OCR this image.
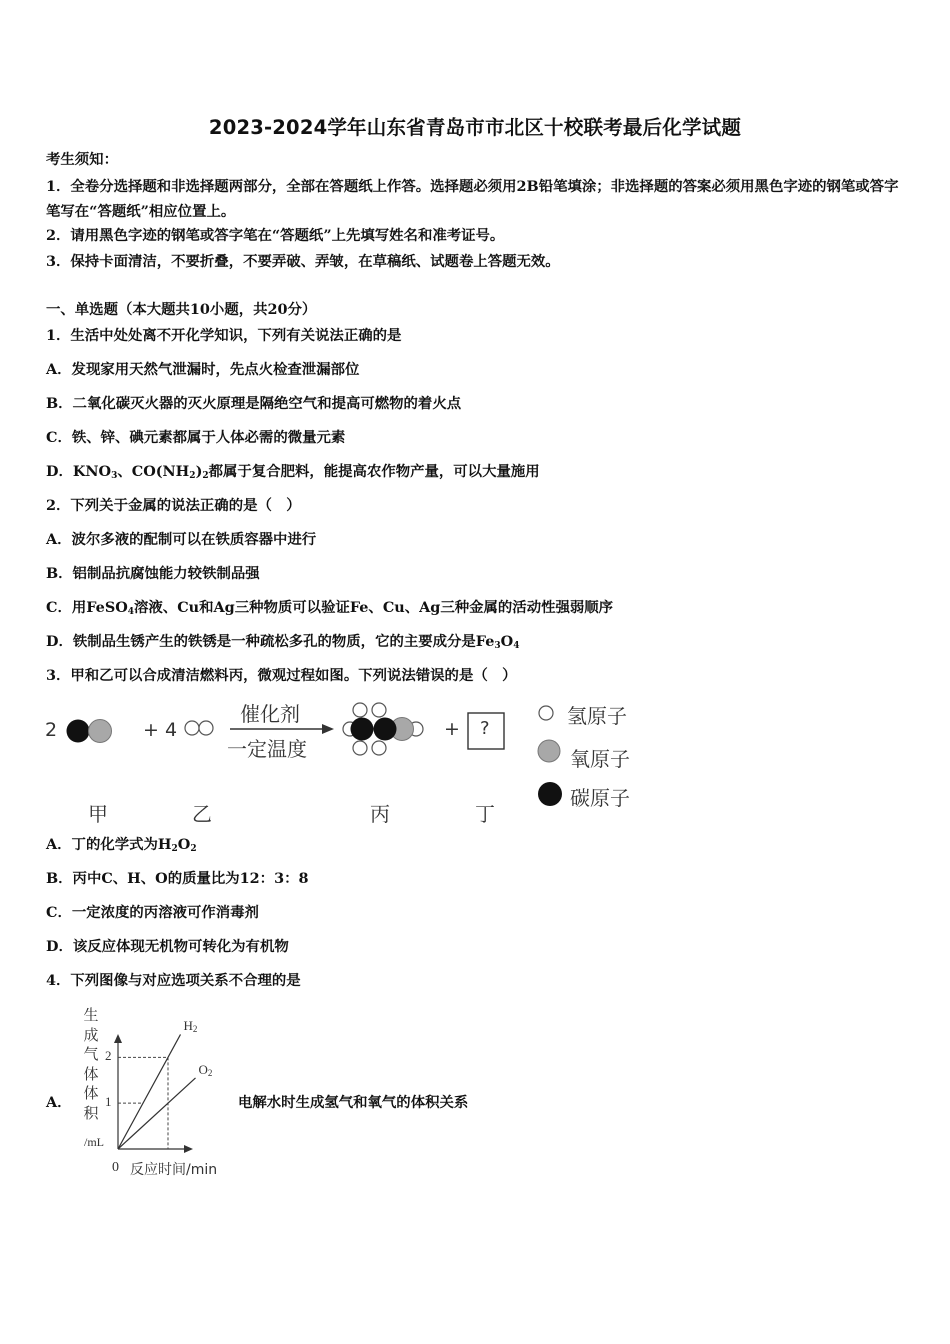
2023-2024学年山东省青岛市市北区十校联考最后化学试题
考生须知：
1．全卷分选择题和非选择题两部分，全部在答题纸上作答。选择题必须用2B铅笔填涂；非选择题的答案必须用黑色字迹的钢笔或答字笔写在“答题纸”相应位置上。
2．请用黑色字迹的钢笔或答字笔在“答题纸”上先填写姓名和准考证号。
3．保持卡面清洁，不要折叠，不要弄破、弄皱，在草稿纸、试题卷上答题无效。
一、单选题（本大题共10小题，共20分）
1．生活中处处离不开化学知识，下列有关说法正确的是
A．发现家用天然气泄漏时，先点火检查泄漏部位
B．二氧化碳灭火器的灭火原理是隔绝空气和提高可燃物的着火点
C．铁、锌、碘元素都属于人体必需的微量元素
D．$KNO_3$、$CO(NH_2)_2$都属于复合肥料，能提高农作物产量，可以大量施用
2．下列关于金属的说法正确的是（　）
A．波尔多液的配制可以在铁质容器中进行
B．铝制品抗腐蚀能力较铁制品强
C．用FeSO$_4$溶液、Cu和Ag三种物质可以验证Fe、Cu、Ag三种金属的活动性强弱顺序
D．铁制品生锈产生的铁锈是一种疏松多孔的物质，它的主要成分是$Fe_3O_4$
3．甲和乙可以合成清洁燃料丙，微观过程如图。下列说法错误的是（　）
2	+ 4
催化剂
一定温度
+ ?
氢原子
氧原子
碳原子
甲	乙	丙	丁
A．丁的化学式为$H_2O_2$
B．丙中C、H、O的质量比为12：3：8
C．一定浓度的丙溶液可作消毒剂
D．该反应体现无机物可转化为有机物
4．下列图像与对应选项关系不合理的是
A．	电解水时生成氢气和氧气的体积关系
生
成
气
体
体
积
/mL
0 反应时间/min
1
2
$H_2$
$O_2$
